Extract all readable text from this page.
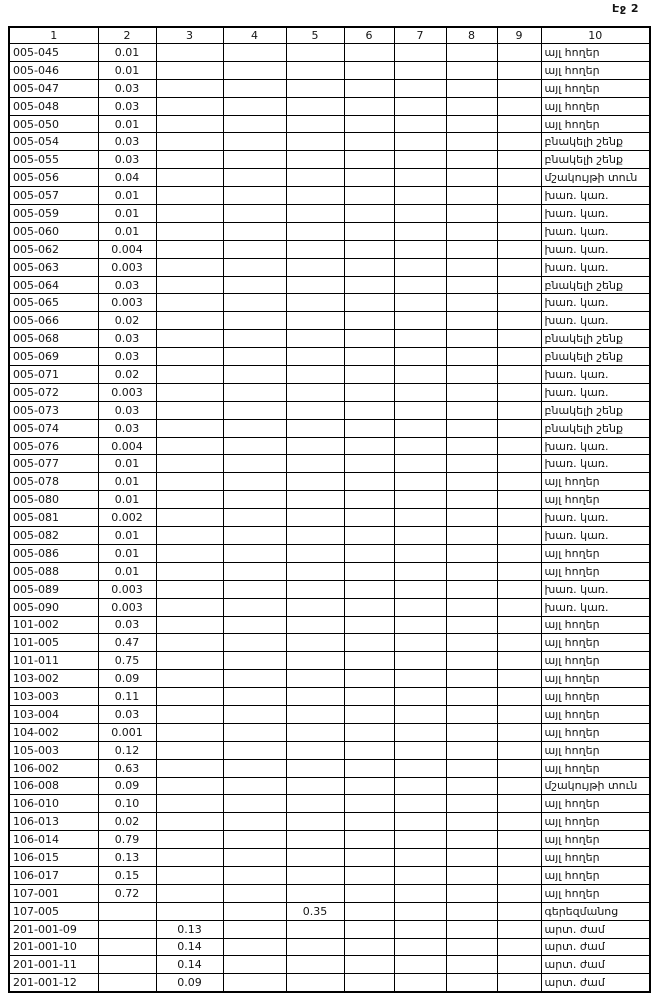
Էջ 2
1	2	3	4	5	6	7	8	9	10
005-045	0.01								այլ հողեր
005-046	0.01								այլ հողեր
005-047	0.03								այլ հողեր
005-048	0.03								այլ հողեր
005-050	0.01								այլ հողեր
005-054	0.03								բնակելի շենք
005-055	0.03								բնակելի շենք
005-056	0.04								մշակույթի տուն
005-057	0.01								խառ. կառ.
005-059	0.01								խառ. կառ.
005-060	0.01								խառ. կառ.
005-062	0.004								խառ. կառ.
005-063	0.003								խառ. կառ.
005-064	0.03								բնակելի շենք
005-065	0.003								խառ. կառ.
005-066	0.02								խառ. կառ.
005-068	0.03								բնակելի շենք
005-069	0.03								բնակելի շենք
005-071	0.02								խառ. կառ.
005-072	0.003								խառ. կառ.
005-073	0.03								բնակելի շենք
005-074	0.03								բնակելի շենք
005-076	0.004								խառ. կառ.
005-077	0.01								խառ. կառ.
005-078	0.01								այլ հողեր
005-080	0.01								այլ հողեր
005-081	0.002								խառ. կառ.
005-082	0.01								խառ. կառ.
005-086	0.01								այլ հողեր
005-088	0.01								այլ հողեր
005-089	0.003								խառ. կառ.
005-090	0.003								խառ. կառ.
101-002	0.03								այլ հողեր
101-005	0.47								այլ հողեր
101-011	0.75								այլ հողեր
103-002	0.09								այլ հողեր
103-003	0.11								այլ հողեր
103-004	0.03								այլ հողեր
104-002	0.001								այլ հողեր
105-003	0.12								այլ հողեր
106-002	0.63								այլ հողեր
106-008	0.09								մշակույթի տուն
106-010	0.10								այլ հողեր
106-013	0.02								այլ հողեր
106-014	0.79								այլ հողեր
106-015	0.13								այլ հողեր
106-017	0.15								այլ հողեր
107-001	0.72								այլ հողեր
107-005				0.35					գերեզմանոց
201-001-09		0.13							արտ. ժամ
201-001-10		0.14							արտ. ժամ
201-001-11		0.14							արտ. ժամ
201-001-12		0.09							արտ. ժամ
